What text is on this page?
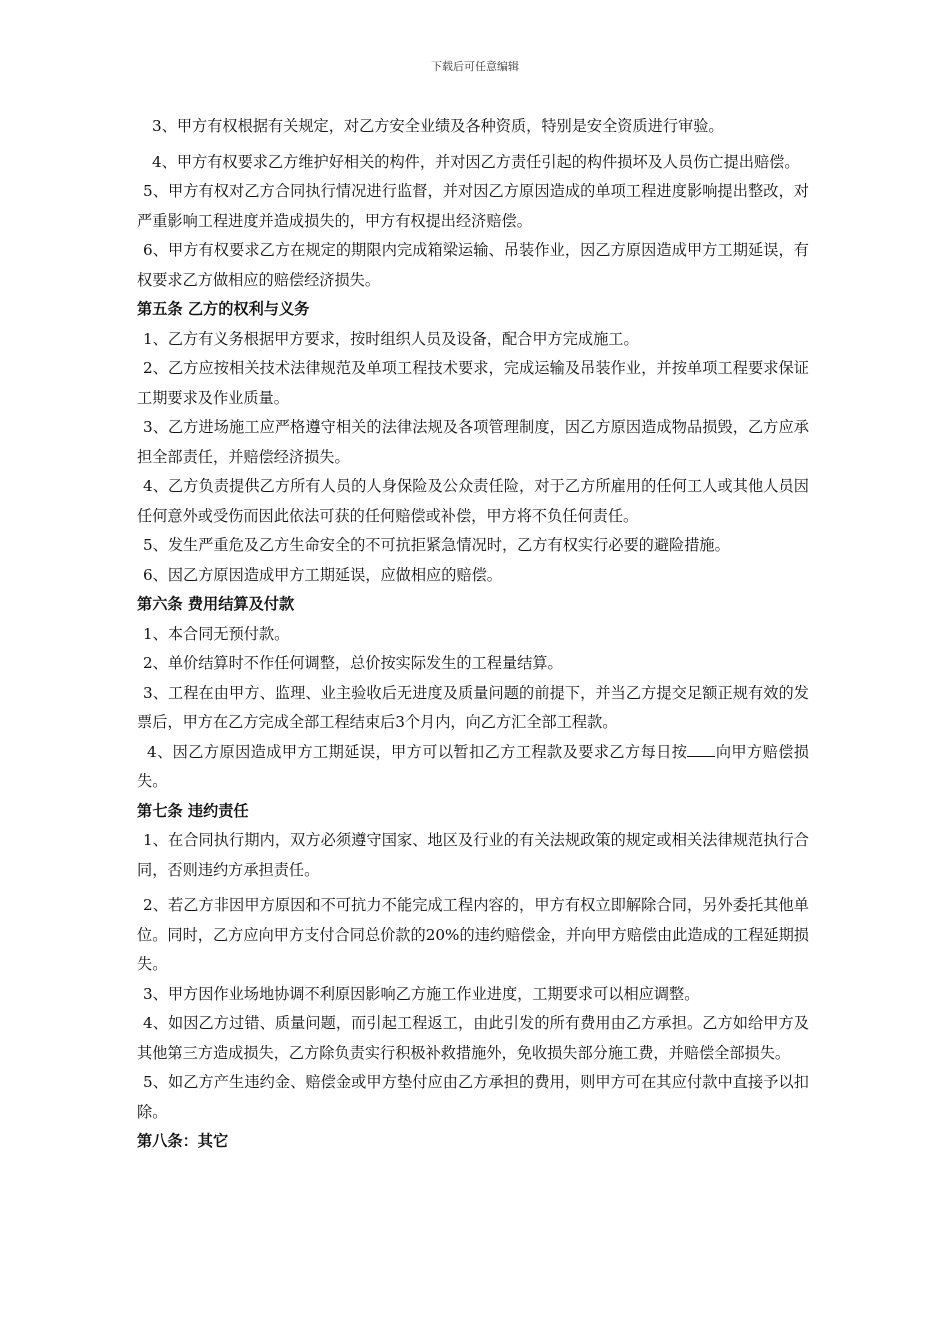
下载后可任意编辑

3、甲方有权根据有关规定，对乙方安全业绩及各种资质，特别是安全资质进行审验。

4、甲方有权要求乙方维护好相关的构件，并对因乙方责任引起的构件损坏及人员伤亡提出赔偿。

5、甲方有权对乙方合同执行情况进行监督，并对因乙方原因造成的单项工程进度影响提出整改，对严重影响工程进度并造成损失的，甲方有权提出经济赔偿。

6、甲方有权要求乙方在规定的期限内完成箱梁运输、吊装作业，因乙方原因造成甲方工期延误，有权要求乙方做相应的赔偿经济损失。

第五条 乙方的权利与义务

1、乙方有义务根据甲方要求，按时组织人员及设备，配合甲方完成施工。

2、乙方应按相关技术法律规范及单项工程技术要求，完成运输及吊装作业，并按单项工程要求保证工期要求及作业质量。

3、乙方进场施工应严格遵守相关的法律法规及各项管理制度，因乙方原因造成物品损毁，乙方应承担全部责任，并赔偿经济损失。

4、乙方负责提供乙方所有人员的人身保险及公众责任险，对于乙方所雇用的任何工人或其他人员因任何意外或受伤而因此依法可获的任何赔偿或补偿，甲方将不负任何责任。

5、发生严重危及乙方生命安全的不可抗拒紧急情况时，乙方有权实行必要的避险措施。

6、因乙方原因造成甲方工期延误，应做相应的赔偿。

第六条 费用结算及付款

1、本合同无预付款。

2、单价结算时不作任何调整，总价按实际发生的工程量结算。

3、工程在由甲方、监理、业主验收后无进度及质量问题的前提下，并当乙方提交足额正规有效的发票后，甲方在乙方完成全部工程结束后3个月内，向乙方汇全部工程款。

4、因乙方原因造成甲方工期延误，甲方可以暂扣乙方工程款及要求乙方每日按 向甲方赔偿损失。

第七条 违约责任

1、在合同执行期内，双方必须遵守国家、地区及行业的有关法规政策的规定或相关法律规范执行合同，否则违约方承担责任。

2、若乙方非因甲方原因和不可抗力不能完成工程内容的，甲方有权立即解除合同，另外委托其他单位。同时，乙方应向甲方支付合同总价款的20%的违约赔偿金，并向甲方赔偿由此造成的工程延期损失。

3、甲方因作业场地协调不利原因影响乙方施工作业进度，工期要求可以相应调整。

4、如因乙方过错、质量问题，而引起工程返工，由此引发的所有费用由乙方承担。乙方如给甲方及其他第三方造成损失，乙方除负责实行积极补救措施外，免收损失部分施工费，并赔偿全部损失。

5、如乙方产生违约金、赔偿金或甲方垫付应由乙方承担的费用，则甲方可在其应付款中直接予以扣除。

第八条：其它
